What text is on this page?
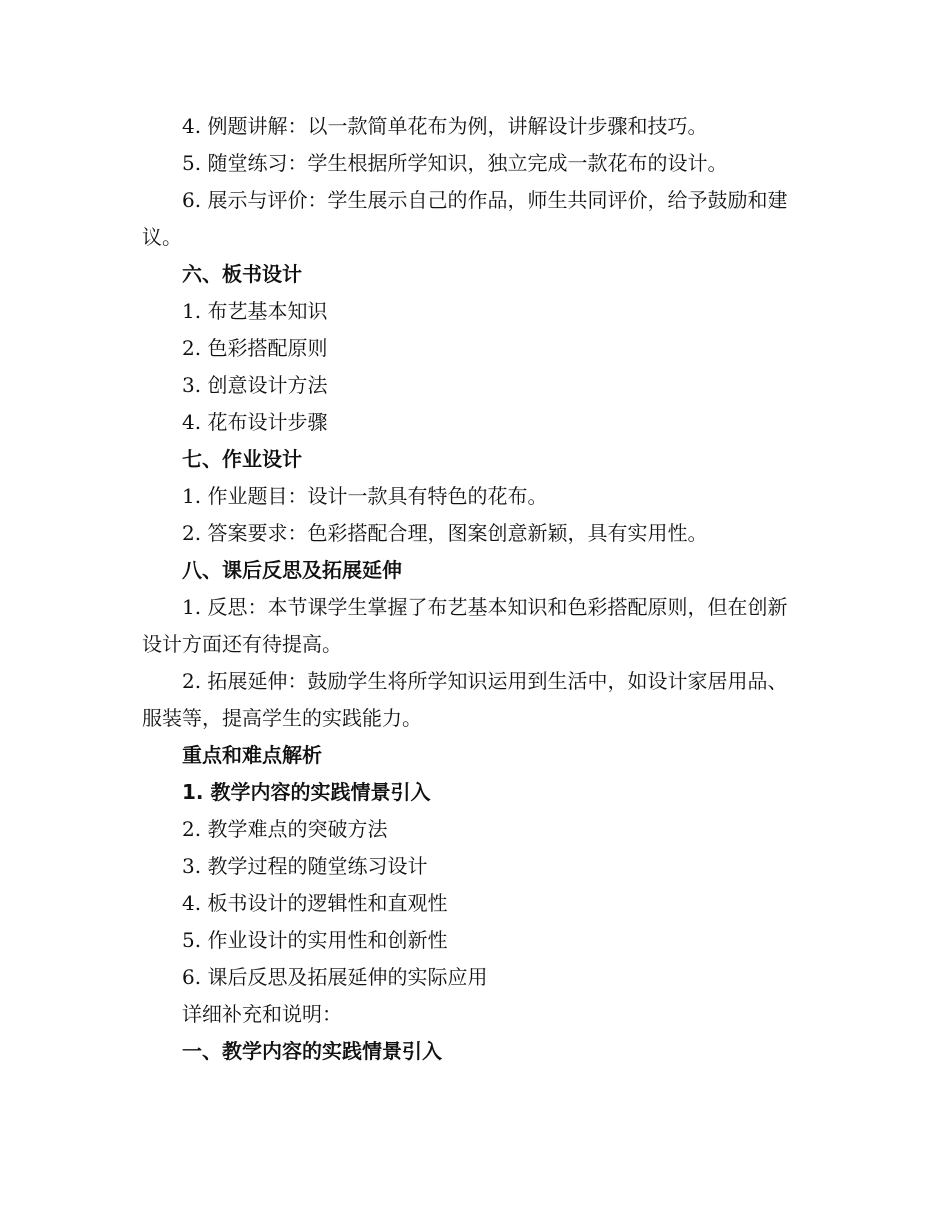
4. 例题讲解：以一款简单花布为例，讲解设计步骤和技巧。

5. 随堂练习：学生根据所学知识，独立完成一款花布的设计。

6. 展示与评价：学生展示自己的作品，师生共同评价，给予鼓励和建议。

六、板书设计

1. 布艺基本知识

2. 色彩搭配原则

3. 创意设计方法

4. 花布设计步骤

七、作业设计

1. 作业题目：设计一款具有特色的花布。

2. 答案要求：色彩搭配合理，图案创意新颖，具有实用性。

八、课后反思及拓展延伸

1. 反思：本节课学生掌握了布艺基本知识和色彩搭配原则，但在创新设计方面还有待提高。

2. 拓展延伸：鼓励学生将所学知识运用到生活中，如设计家居用品、服装等，提高学生的实践能力。

重点和难点解析

1. 教学内容的实践情景引入

2. 教学难点的突破方法

3. 教学过程的随堂练习设计

4. 板书设计的逻辑性和直观性

5. 作业设计的实用性和创新性

6. 课后反思及拓展延伸的实际应用

详细补充和说明：

一、教学内容的实践情景引入
